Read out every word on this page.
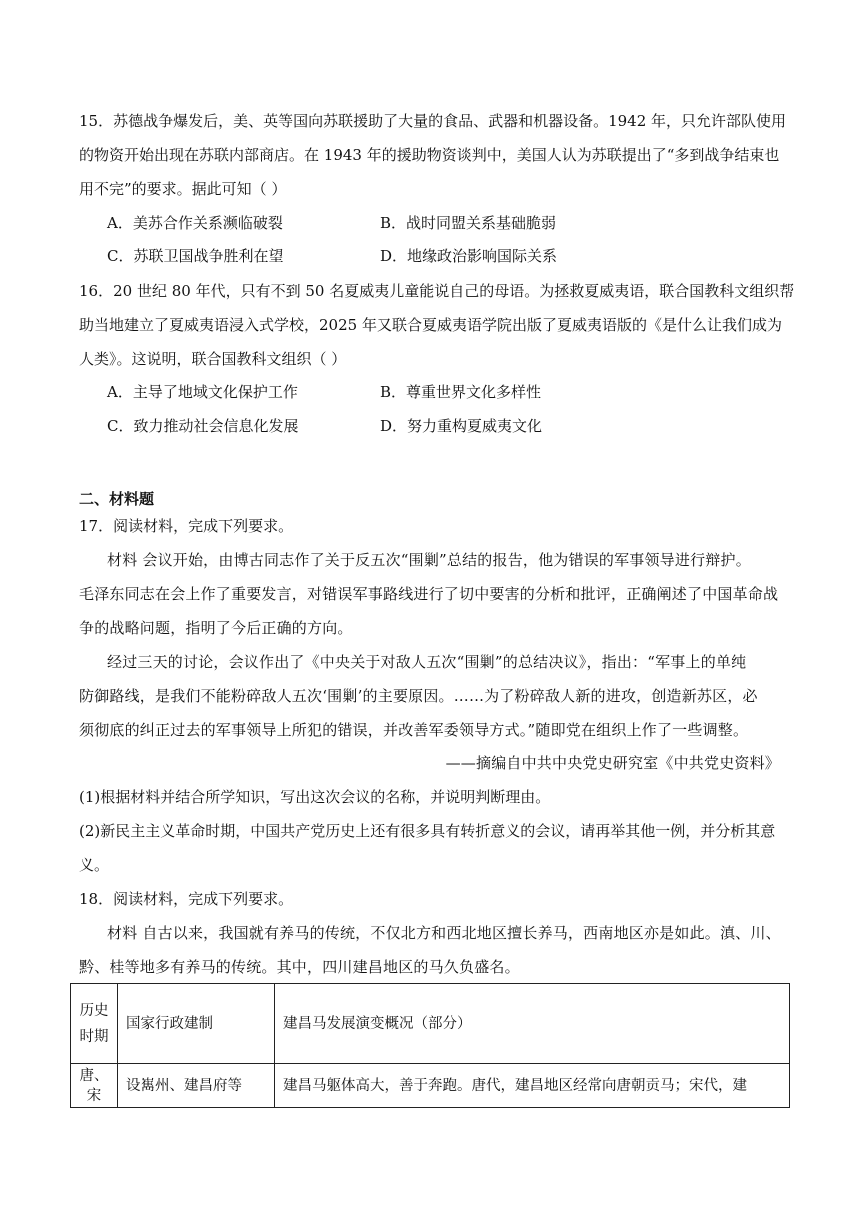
15．苏德战争爆发后，美、英等国向苏联援助了大量的食品、武器和机器设备。1942 年，只允许部队使用
的物资开始出现在苏联内部商店。在 1943 年的援助物资谈判中，美国人认为苏联提出了“多到战争结束也
用不完”的要求。据此可知（ ）
A．美苏合作关系濒临破裂	B．战时同盟关系基础脆弱
C．苏联卫国战争胜利在望	D．地缘政治影响国际关系
16．20 世纪 80 年代，只有不到 50 名夏威夷儿童能说自己的母语。为拯救夏威夷语，联合国教科文组织帮
助当地建立了夏威夷语浸入式学校，2025 年又联合夏威夷语学院出版了夏威夷语版的《是什么让我们成为
人类》。这说明，联合国教科文组织（ ）
A．主导了地域文化保护工作	B．尊重世界文化多样性
C．致力推动社会信息化发展	D．努力重构夏威夷文化
二、材料题
17．阅读材料，完成下列要求。
材料 会议开始，由博古同志作了关于反五次“围剿”总结的报告，他为错误的军事领导进行辩护。
毛泽东同志在会上作了重要发言，对错误军事路线进行了切中要害的分析和批评，正确阐述了中国革命战
争的战略问题，指明了今后正确的方向。
经过三天的讨论，会议作出了《中央关于对敌人五次“围剿”的总结决议》，指出：“军事上的单纯
防御路线，是我们不能粉碎敌人五次‘围剿’的主要原因。……为了粉碎敌人新的进攻，创造新苏区，必
须彻底的纠正过去的军事领导上所犯的错误，并改善军委领导方式。”随即党在组织上作了一些调整。
——摘编自中共中央党史研究室《中共党史资料》
(1)根据材料并结合所学知识，写出这次会议的名称，并说明判断理由。
(2)新民主主义革命时期，中国共产党历史上还有很多具有转折意义的会议，请再举其他一例，并分析其意
义。
18．阅读材料，完成下列要求。
材料 自古以来，我国就有养马的传统，不仅北方和西北地区擅长养马，西南地区亦是如此。滇、川、
黔、桂等地多有养马的传统。其中，四川建昌地区的马久负盛名。
历史
时期	国家行政建制	建昌马发展演变概况（部分）
唐、宋	设嶲州、建昌府等	建昌马躯体高大，善于奔跑。唐代，建昌地区经常向唐朝贡马；宋代，建
